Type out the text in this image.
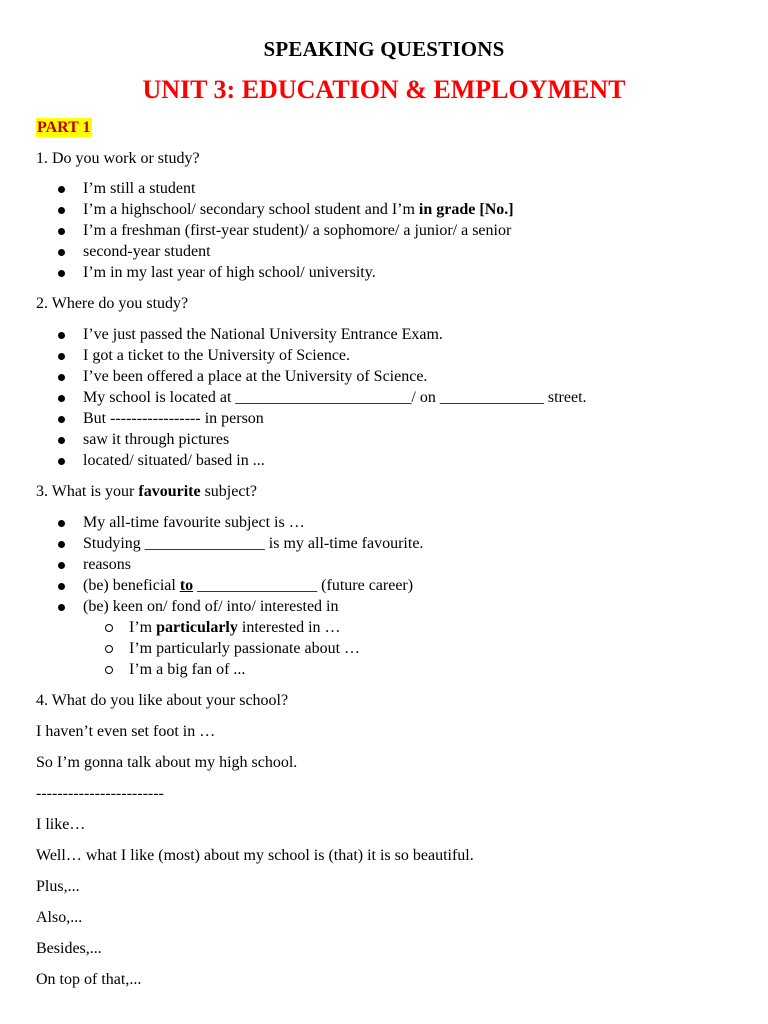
SPEAKING QUESTIONS
UNIT 3: EDUCATION & EMPLOYMENT
PART 1
1. Do you work or study?
I’m still a student
I’m a highschool/ secondary school student and I’m in grade [No.]
I’m a freshman (first-year student)/ a sophomore/ a junior/ a senior
second-year student
I’m in my last year of high school/ university.
2. Where do you study?
I’ve just passed the National University Entrance Exam.
I got a ticket to the University of Science.
I’ve been offered a place at the University of Science.
My school is located at ______________________/ on _____________ street.
But ----------------- in person
saw it through pictures
located/ situated/ based in ...
3. What is your favourite subject?
My all-time favourite subject is …
Studying _______________ is my all-time favourite.
reasons
(be) beneficial to _______________ (future career)
(be) keen on/ fond of/ into/ interested in
I’m particularly interested in …
I’m particularly passionate about …
I’m a big fan of ...
4. What do you like about your school?
I haven’t even set foot in …
So I’m gonna talk about my high school.
------------------------
I like…
Well… what I like (most) about my school is (that) it is so beautiful.
Plus,...
Also,...
Besides,...
On top of that,...
